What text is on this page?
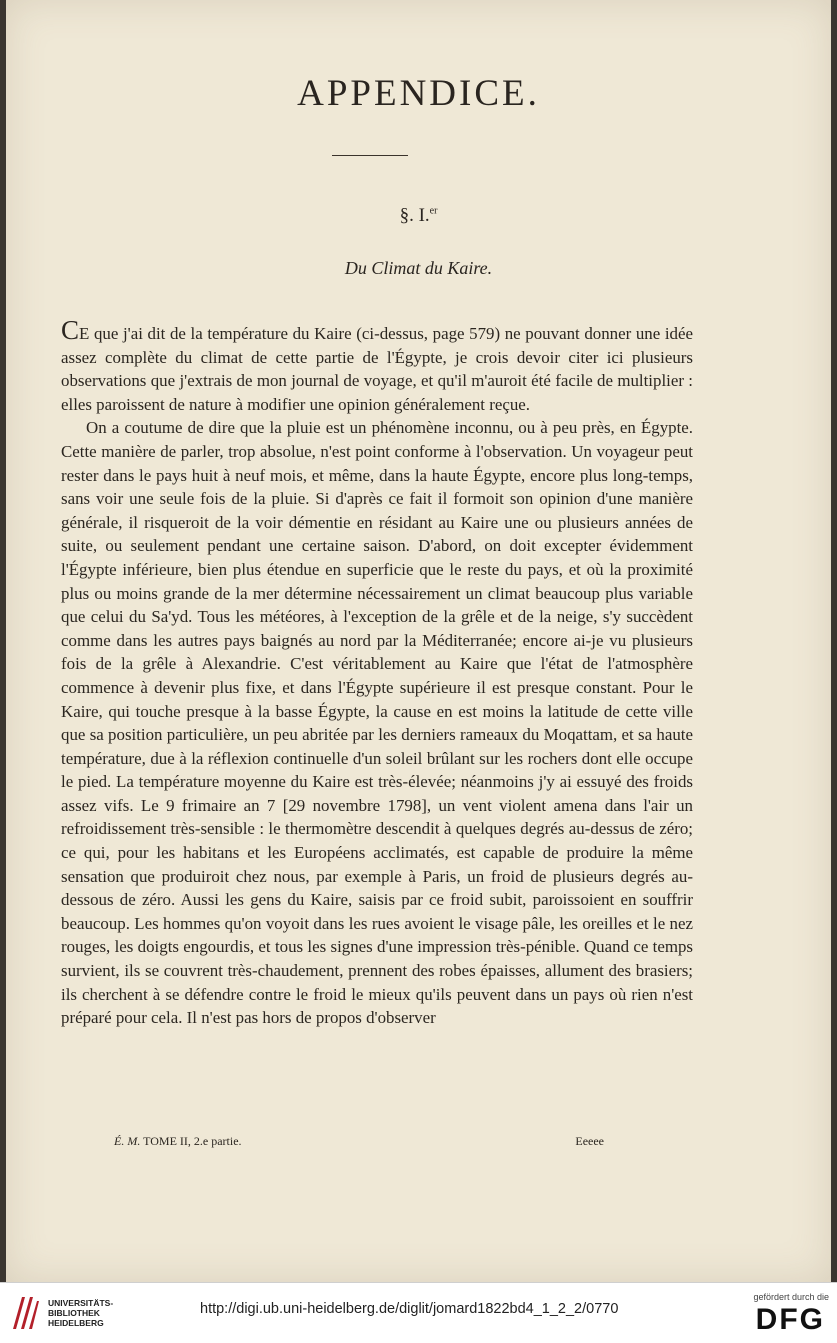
APPENDICE.
§. I.$^{er}$
Du Climat du Kaire.

CE que j'ai dit de la température du Kaire (ci-dessus, page 579) ne pouvant donner une idée assez complète du climat de cette partie de l'Égypte, je crois devoir citer ici plusieurs observations que j'extrais de mon journal de voyage, et qu'il m'auroit été facile de multiplier : elles paroissent de nature à modifier une opinion généralement reçue.

On a coutume de dire que la pluie est un phénomène inconnu, ou à peu près, en Égypte. Cette manière de parler, trop absolue, n'est point conforme à l'observation. Un voyageur peut rester dans le pays huit à neuf mois, et même, dans la haute Égypte, encore plus long-temps, sans voir une seule fois de la pluie. Si d'après ce fait il formoit son opinion d'une manière générale, il risqueroit de la voir démentie en résidant au Kaire une ou plusieurs années de suite, ou seulement pendant une certaine saison. D'abord, on doit excepter évidemment l'Égypte inférieure, bien plus étendue en superficie que le reste du pays, et où la proximité plus ou moins grande de la mer détermine nécessairement un climat beaucoup plus variable que celui du Sa'yd. Tous les météores, à l'exception de la grêle et de la neige, s'y succèdent comme dans les autres pays baignés au nord par la Méditerranée; encore ai-je vu plusieurs fois de la grêle à Alexandrie. C'est véritablement au Kaire que l'état de l'atmosphère commence à devenir plus fixe, et dans l'Égypte supérieure il est presque constant. Pour le Kaire, qui touche presque à la basse Égypte, la cause en est moins la latitude de cette ville que sa position particulière, un peu abritée par les derniers rameaux du Moqattam, et sa haute température, due à la réflexion continuelle d'un soleil brûlant sur les rochers dont elle occupe le pied. La température moyenne du Kaire est très-élevée; néanmoins j'y ai essuyé des froids assez vifs. Le 9 frimaire an 7 [29 novembre 1798], un vent violent amena dans l'air un refroidissement très-sensible : le thermomètre descendit à quelques degrés au-dessus de zéro; ce qui, pour les habitans et les Européens acclimatés, est capable de produire la même sensation que produiroit chez nous, par exemple à Paris, un froid de plusieurs degrés au-dessous de zéro. Aussi les gens du Kaire, saisis par ce froid subit, paroissoient en souffrir beaucoup. Les hommes qu'on voyoit dans les rues avoient le visage pâle, les oreilles et le nez rouges, les doigts engourdis, et tous les signes d'une impression très-pénible. Quand ce temps survient, ils se couvrent très-chaudement, prennent des robes épaisses, allument des brasiers; ils cherchent à se défendre contre le froid le mieux qu'ils peuvent dans un pays où rien n'est préparé pour cela. Il n'est pas hors de propos d'observer

É. M. TOME II, 2.e partie.	Eeeee
UNIVERSITÄTS-
BIBLIOTHEK
HEIDELBERG
http://digi.ub.uni-heidelberg.de/diglit/jomard1822bd4_1_2_2/0770
gefördert durch die
DFG
